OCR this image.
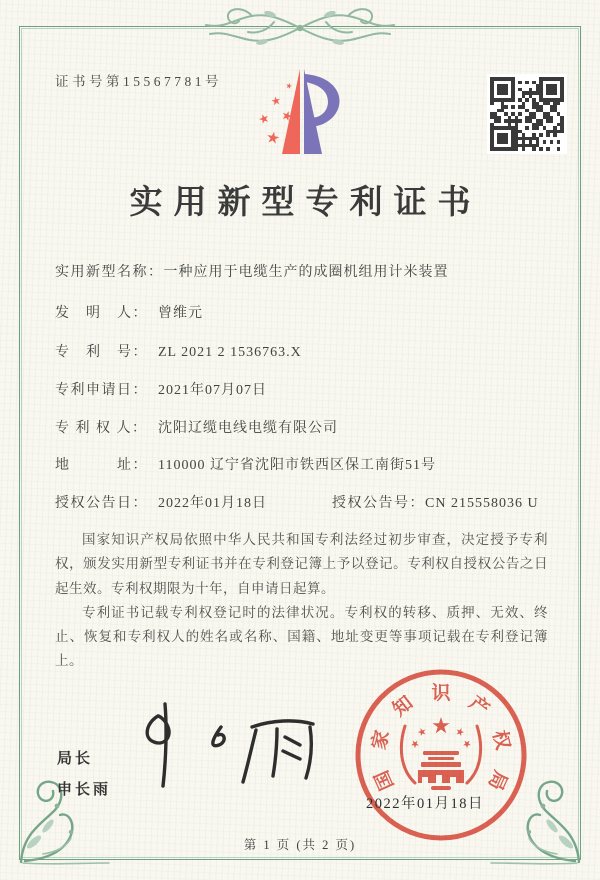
证书号第15567781号
实用新型专利证书
实用新型名称：一种应用于电缆生产的成圈机组用计米装置
发　明　人： 曾维元
专　利　号： ZL 2021 2 1536763.X
专利申请日： 2021年07月07日
专 利 权 人： 沈阳辽缆电线电缆有限公司
地　　　址： 110000 辽宁省沈阳市铁西区保工南街51号
授权公告日： 2022年01月18日	授权公告号：CN 215558036 U

国家知识产权局依照中华人民共和国专利法经过初步审查，决定授予专利权，颁发实用新型专利证书并在专利登记簿上予以登记。专利权自授权公告之日起生效。专利权期限为十年，自申请日起算。

专利证书记载专利权登记时的法律状况。专利权的转移、质押、无效、终止、恢复和专利权人的姓名或名称、国籍、地址变更等事项记载在专利登记簿上。

局长
申长雨	国
家
知 识 产
权
局
2022年01月18日
第 1 页 (共 2 页)
